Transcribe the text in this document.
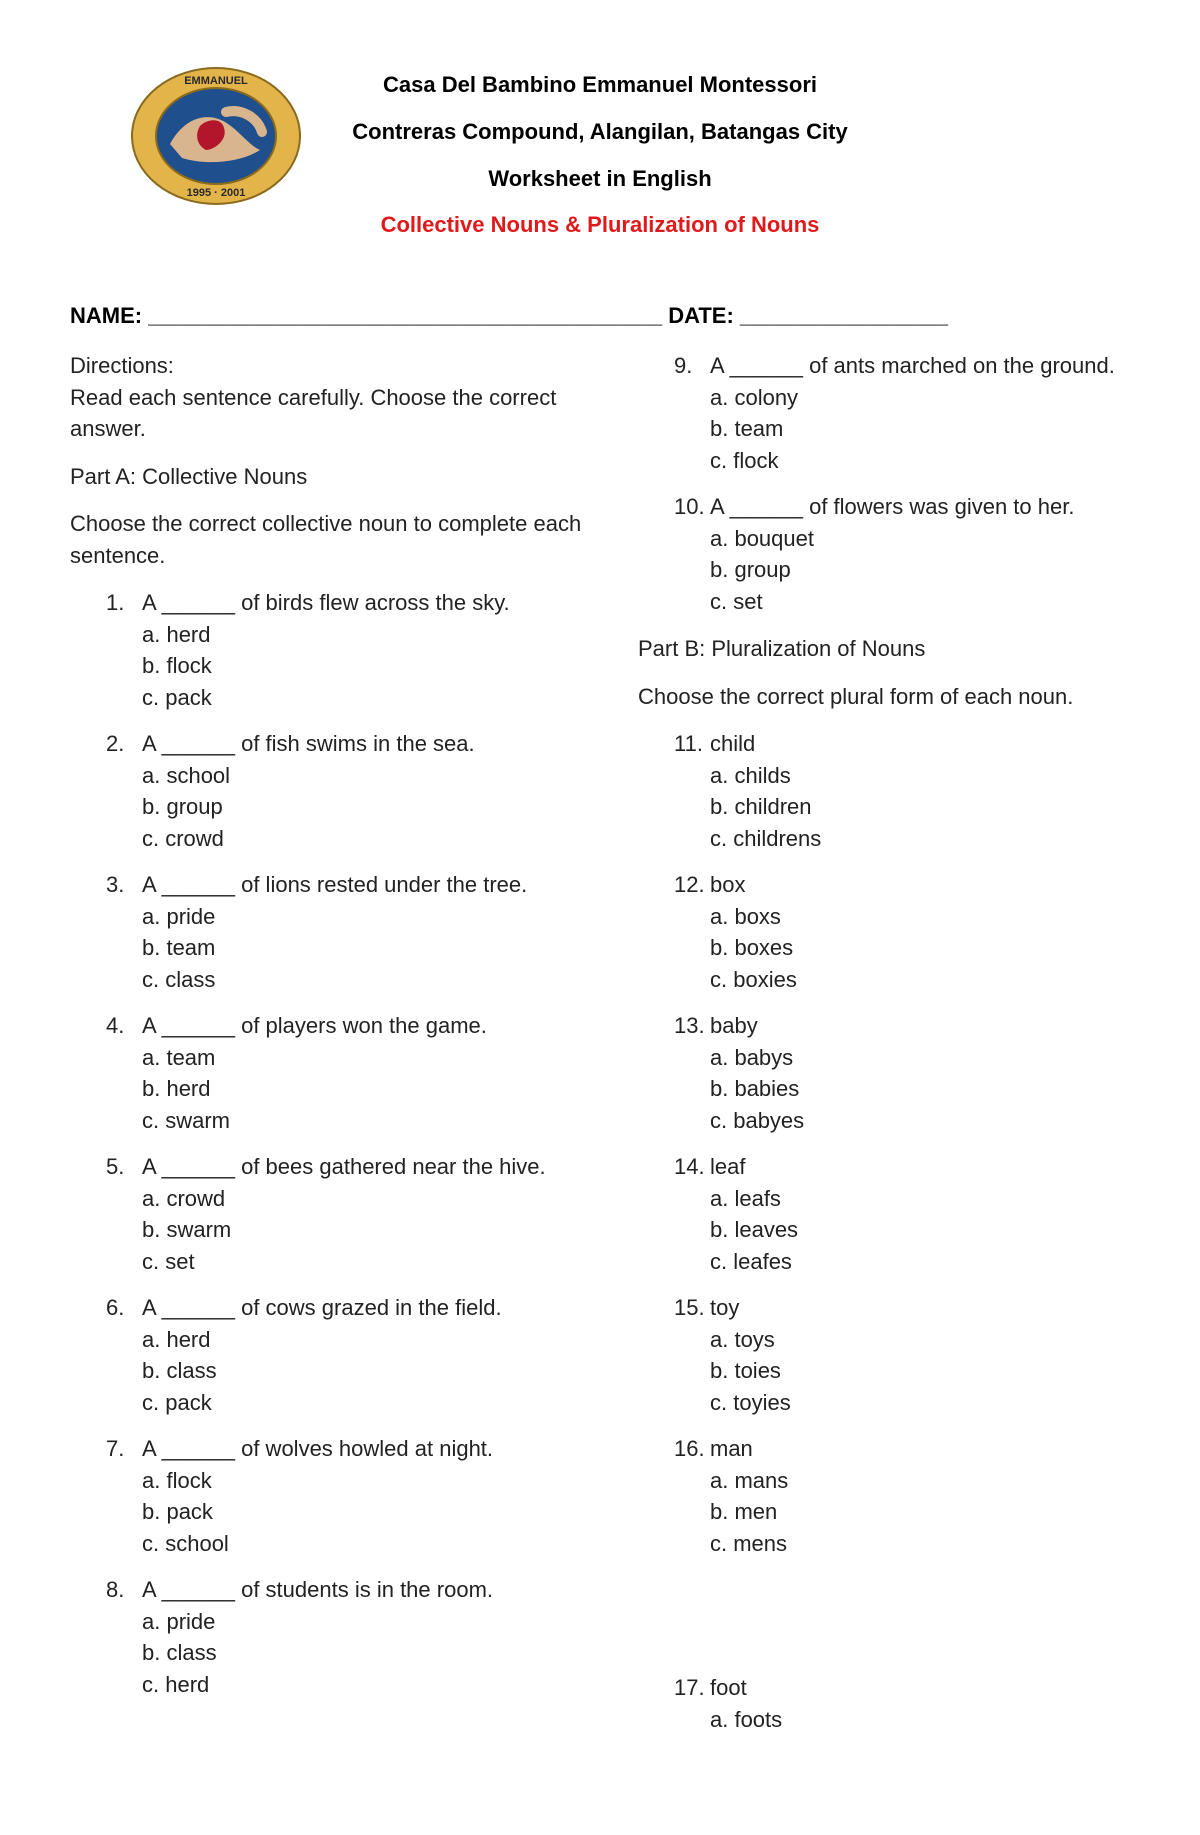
EMMANUEL
1995 · 2001
Casa Del Bambino Emmanuel Montessori
Contreras Compound, Alangilan, Batangas City
Worksheet in English
Collective Nouns & Pluralization of Nouns
NAME: __________________________________________ DATE: _________________

Directions:

Read each sentence carefully. Choose the correct answer.

Part A: Collective Nouns

Choose the correct collective noun to complete each sentence.

1. A ______ of birds flew across the sky.

a. herd

b. flock

c. pack

2. A ______ of fish swims in the sea.

a. school

b. group

c. crowd

3. A ______ of lions rested under the tree.

a. pride

b. team

c. class

4. A ______ of players won the game.

a. team

b. herd

c. swarm

5. A ______ of bees gathered near the hive.

a. crowd

b. swarm

c. set

6. A ______ of cows grazed in the field.

a. herd

b. class

c. pack

7. A ______ of wolves howled at night.

a. flock

b. pack

c. school

8. A ______ of students is in the room.

a. pride

b. class

c. herd

9. A ______ of ants marched on the ground.

a. colony

b. team

c. flock

10. A ______ of flowers was given to her.

a. bouquet

b. group

c. set

Part B: Pluralization of Nouns

Choose the correct plural form of each noun.

11. child

a. childs

b. children

c. childrens

12. box

a. boxs

b. boxes

c. boxies

13. baby

a. babys

b. babies

c. babyes

14. leaf

a. leafs

b. leaves

c. leafes

15. toy

a. toys

b. toies

c. toyies

16. man

a. mans

b. men

c. mens

17. foot

a. foots
